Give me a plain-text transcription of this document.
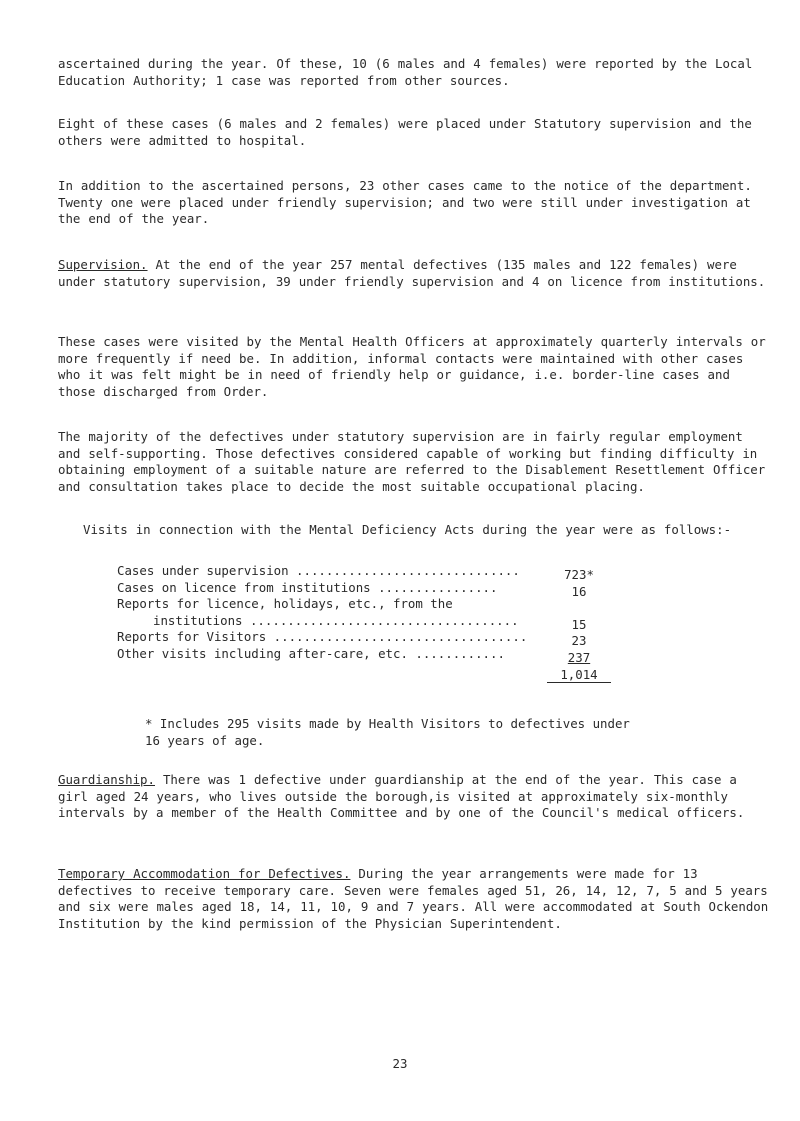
ascertained during the year. Of these, 10 (6 males and 4 females) were reported by the Local Education Authority; 1 case was reported from other sources.

Eight of these cases (6 males and 2 females) were placed under Statutory supervision and the others were admitted to hospital.

In addition to the ascertained persons, 23 other cases came to the notice of the department. Twenty one were placed under friendly supervision; and two were still under investigation at the end of the year.

Supervision. At the end of the year 257 mental defectives (135 males and 122 females) were under statutory supervision, 39 under friendly supervision and 4 on licence from institutions.

These cases were visited by the Mental Health Officers at approximately quarterly intervals or more frequently if need be. In addition, informal contacts were maintained with other cases who it was felt might be in need of friendly help or guidance, i.e. border-line cases and those discharged from Order.

The majority of the defectives under statutory supervision are in fairly regular employment and self-supporting. Those defectives considered capable of working but finding difficulty in obtaining employment of a suitable nature are referred to the Disablement Resettlement Officer and consultation takes place to decide the most suitable occupational placing.

Visits in connection with the Mental Deficiency Acts during the year were as follows:-

Cases under supervision ..............................	723*
Cases on licence from institutions ................	16
Reports for licence, holidays, etc., from the
institutions ....................................	15
Reports for Visitors ..................................	23
Other visits including after-care, etc. ............	237
1,014

* Includes 295 visits made by Health Visitors to defectives under 16 years of age.

Guardianship. There was 1 defective under guardianship at the end of the year. This case a girl aged 24 years, who lives outside the borough,is visited at approximately six-monthly intervals by a member of the Health Committee and by one of the Council's medical officers.

Temporary Accommodation for Defectives. During the year arrangements were made for 13 defectives to receive temporary care. Seven were females aged 51, 26, 14, 12, 7, 5 and 5 years and six were males aged 18, 14, 11, 10, 9 and 7 years. All were accommodated at South Ockendon Institution by the kind permission of the Physician Superintendent.

23
